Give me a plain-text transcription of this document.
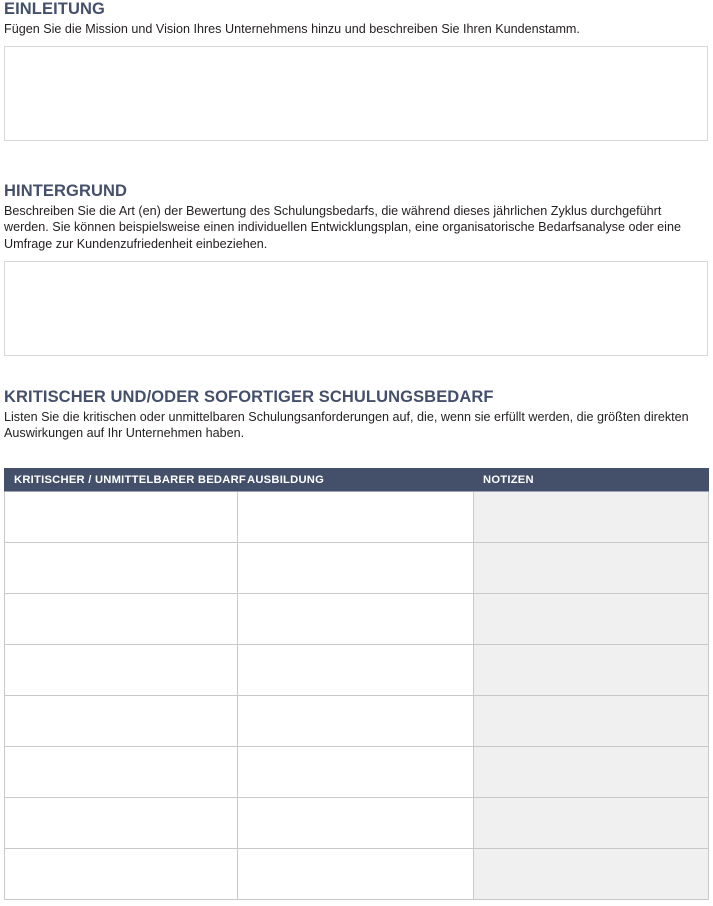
EINLEITUNG

Fügen Sie die Mission und Vision Ihres Unternehmens hinzu und beschreiben Sie Ihren Kundenstamm.

HINTERGRUND

Beschreiben Sie die Art (en) der Bewertung des Schulungsbedarfs, die während dieses jährlichen Zyklus durchgeführt werden. Sie können beispielsweise einen individuellen Entwicklungsplan, eine organisatorische Bedarfsanalyse oder eine Umfrage zur Kundenzufriedenheit einbeziehen.

KRITISCHER UND/ODER SOFORTIGER SCHULUNGSBEDARF

Listen Sie die kritischen oder unmittelbaren Schulungsanforderungen auf, die, wenn sie erfüllt werden, die größten direkten Auswirkungen auf Ihr Unternehmen haben.

KRITISCHER / UNMITTELBARER BEDARF	AUSBILDUNG	NOTIZEN
